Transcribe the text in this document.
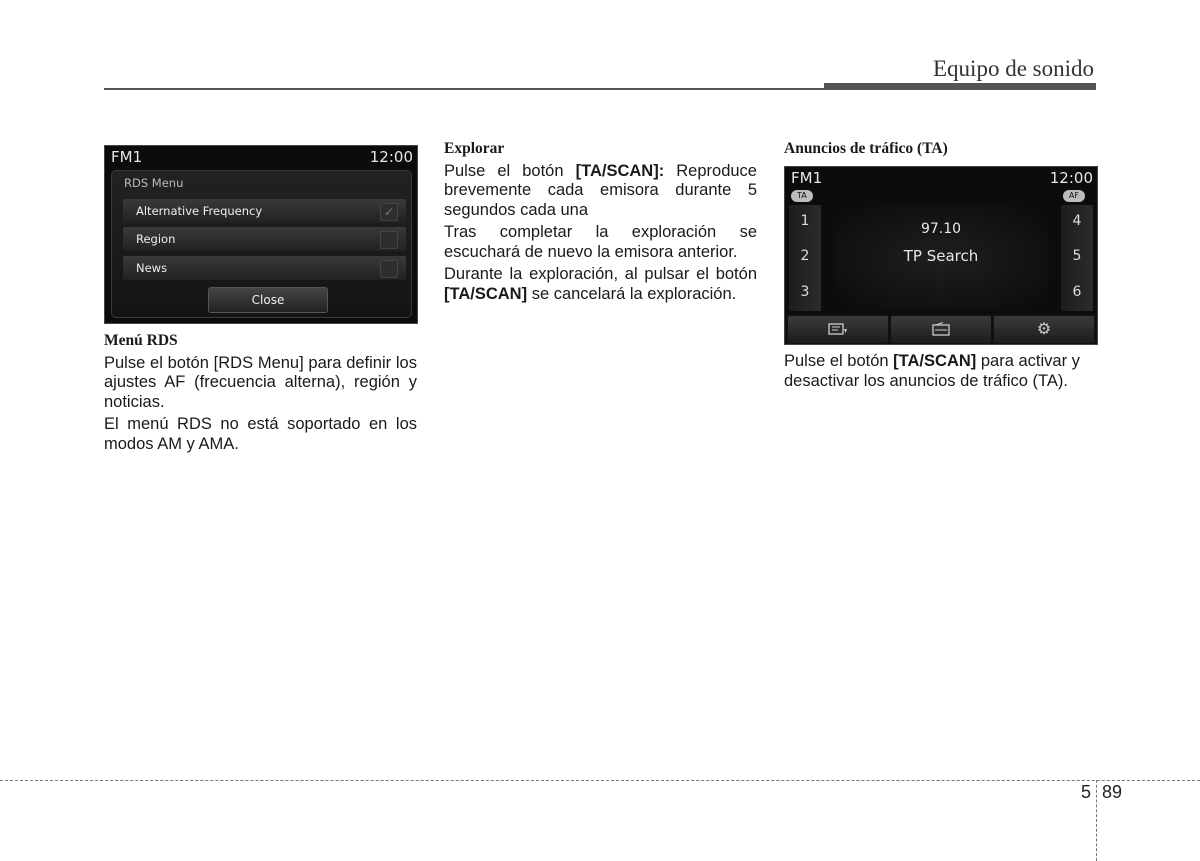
Equipo de sonido
FM1	12:00
RDS Menu
Alternative Frequency	✓
Region
News
Close
Menú RDS

Pulse el botón [RDS Menu] para definir los ajustes AF (frecuencia alterna), región y noticias.

El menú RDS no está soportado en los modos AM y AMA.

Explorar

Pulse el botón [TA/SCAN]: Reproduce brevemente cada emisora durante 5 segundos cada una

Tras completar la exploración se escuchará de nuevo la emisora anterior.

Durante la exploración, al pulsar el botón [TA/SCAN] se cancelará la exploración.

Anuncios de tráfico (TA)
FM1	12:00
TA	AF
1
2
3
4
5
6
97.10
TP Search
⚙

Pulse el botón [TA/SCAN] para activar y desactivar los anuncios de tráfico (TA).

5 89
